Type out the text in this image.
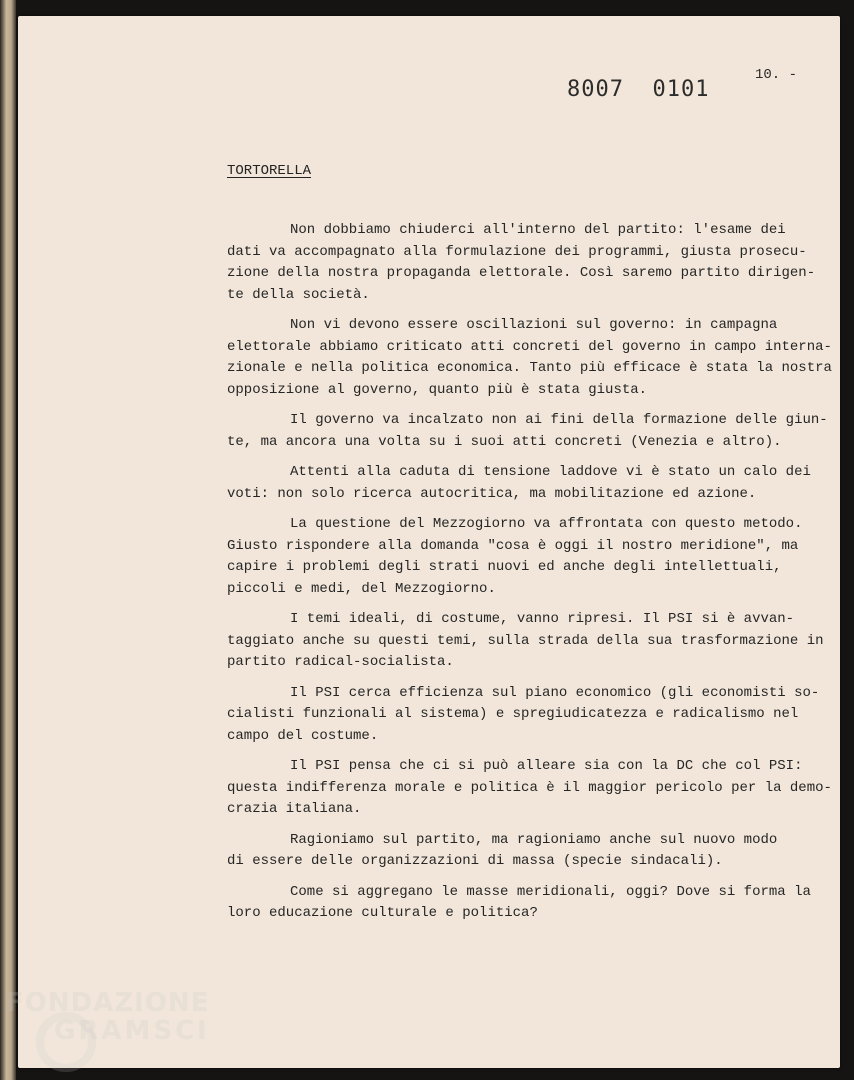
8007 0101
10. -
TORTORELLA

Non dobbiamo chiuderci all'interno del partito: l'esame dei
dati va accompagnato alla formulazione dei programmi, giusta prosecu-
zione della nostra propaganda elettorale. Così saremo partito dirigen-
te della società.

Non vi devono essere oscillazioni sul governo: in campagna
elettorale abbiamo criticato atti concreti del governo in campo interna-
zionale e nella politica economica. Tanto più efficace è stata la nostra
opposizione al governo, quanto più è stata giusta.

Il governo va incalzato non ai fini della formazione delle giun-
te, ma ancora una volta su i suoi atti concreti (Venezia e altro).

Attenti alla caduta di tensione laddove vi è stato un calo dei
voti: non solo ricerca autocritica, ma mobilitazione ed azione.

La questione del Mezzogiorno va affrontata con questo metodo.
Giusto rispondere alla domanda "cosa è oggi il nostro meridione", ma
capire i problemi degli strati nuovi ed anche degli intellettuali,
piccoli e medi, del Mezzogiorno.

I temi ideali, di costume, vanno ripresi. Il PSI si è avvan-
taggiato anche su questi temi, sulla strada della sua trasformazione in
partito radical-socialista.

Il PSI cerca efficienza sul piano economico (gli economisti so-
cialisti funzionali al sistema) e spregiudicatezza e radicalismo nel
campo del costume.

Il PSI pensa che ci si può alleare sia con la DC che col PSI:
questa indifferenza morale e politica è il maggior pericolo per la demo-
crazia italiana.

Ragioniamo sul partito, ma ragioniamo anche sul nuovo modo
di essere delle organizzazioni di massa (specie sindacali).

Come si aggregano le masse meridionali, oggi? Dove si forma la
loro educazione culturale e politica?

FONDAZIONE
GRAMSCI
